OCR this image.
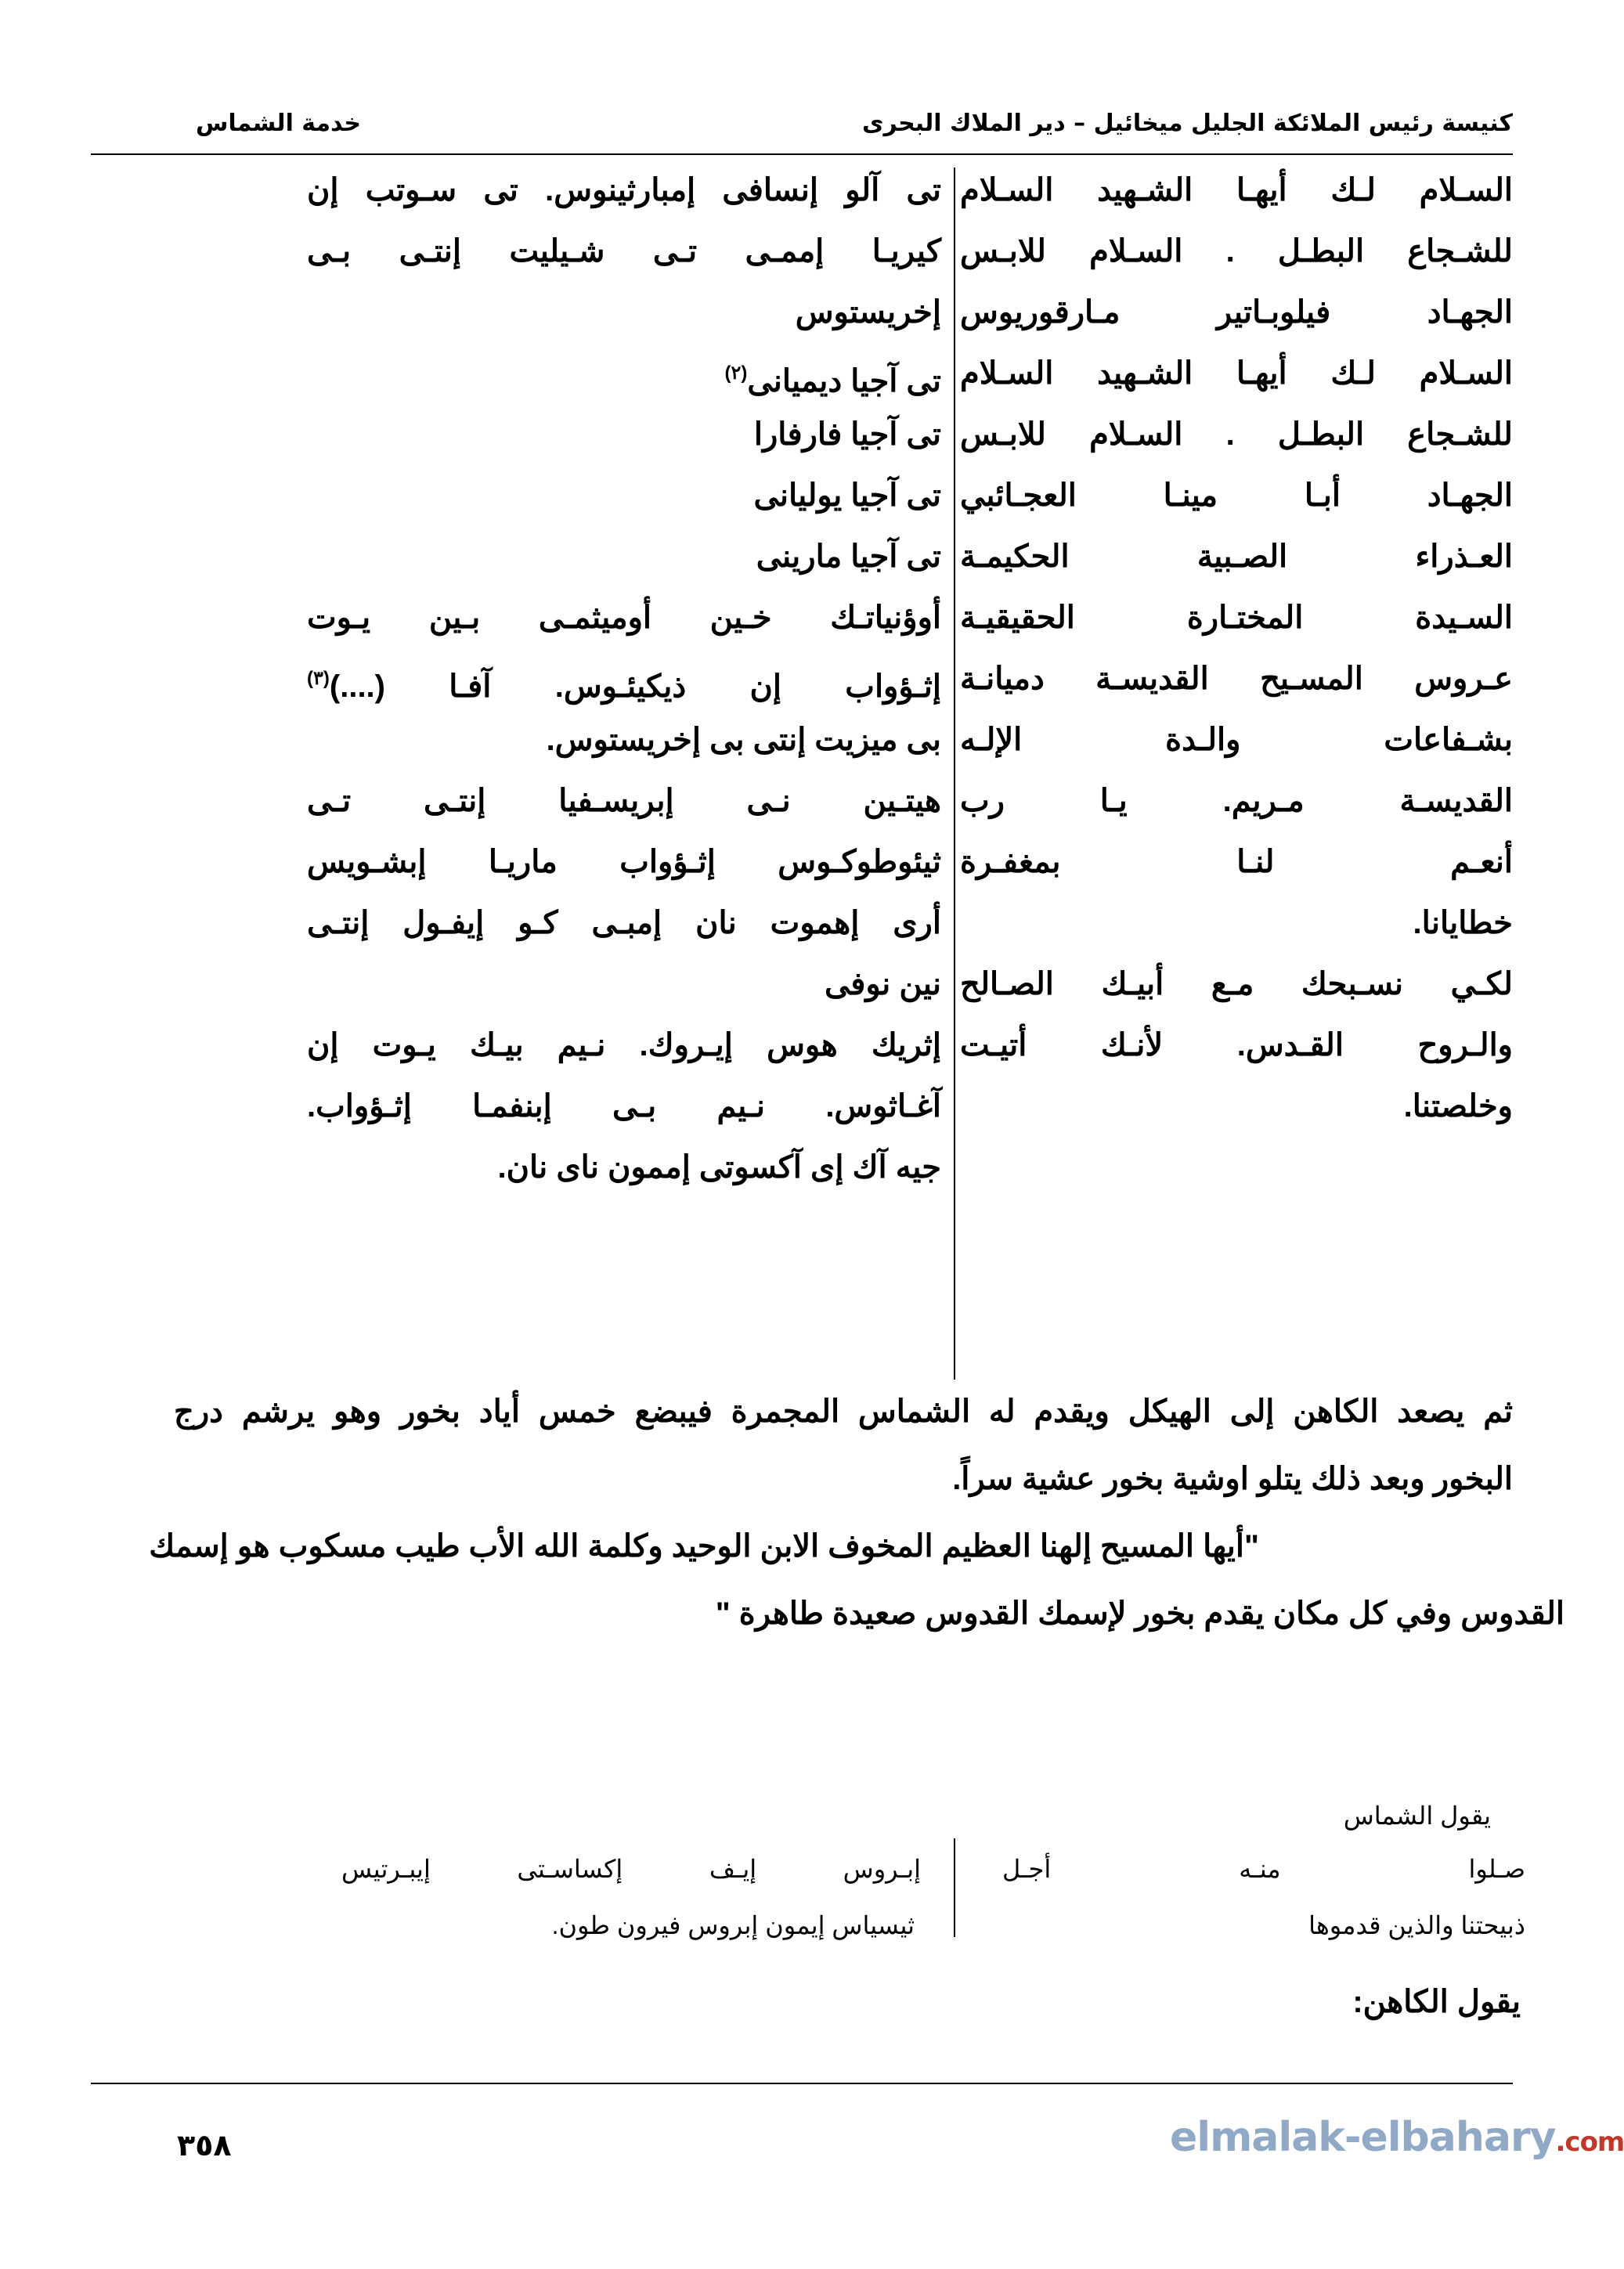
كنيسة رئيس الملائكة الجليل ميخائيل – دير الملاك البحرى
خدمة الشماس
السـلام لـك أيهـا الشـهيد السـلام
للشـجاع البطـل . السـلام للابـس
الجهـاد فيلوبـاتير مـارقوريوس
السـلام لـك أيهـا الشـهيد السـلام
للشـجاع البطـل . السـلام للابـس
الجهـاد أبـا مينـا العجـائبي
العـذراء الصـبية الحكيمـة
السـيدة المختـارة الحقيقيـة
عـروس المسـيح القديسـة دميانـة
بشـفاعات والـدة الإلـه
القديسـة مـريم. يـا رب
أنعـم لنـا بمغفـرة
خطايانا.
لكـي نسـبحك مـع أبيـك الصـالح
والـروح القـدس. لأنـك أتيـت
وخلصتنا.
تى آلو إنسافى إمبارثينوس. تى سـوتب إن
كيريـا إممـى تـى شـيليت إنتـى بـى
إخريستوس
تى آجيا ديميانى$^{(٢)}$
تى آجيا فارفارا
تى آجيا يوليانى
تى آجيا مارينى
أوؤنياتـك خـين أوميثمـى بـين يـوت
إثـؤواب إن ذيكيئـوس. آفـا (....)$^{(٣)}$
بى ميزيت إنتى بى إخريستوس.
هيتـين نـى إبريسـفيا إنتـى تـى
ثيئوطوكـوس إثـؤواب ماريـا إبشـويس
أرى إهموت نان إمبـى كـو إيفـول إنتـى
نين نوفى
إثريك هوس إيـروك. نـيم بيـك يـوت إن
آغـاثوس. نـيم بـى إبنفمـا إثـؤواب.
جيه آك إى آكسوتى إممون ناى نان.
ثم يصعد الكاهن إلى الهيكل ويقدم له الشماس المجمرة فيبضع خمس أياد بخور وهو يرشم درج
البخور وبعد ذلك يتلو اوشية بخور عشية سراً.
"أيها المسيح إلهنا العظيم المخوف الابن الوحيد وكلمة الله الأب طيب مسكوب هو إسمك
القدوس وفي كل مكان يقدم بخور لإسمك القدوس صعيدة طاهرة "
يقول الشماس
صـلوا منـه أجـل
ذبيحتنا والذين قدموها
إبـروس إيـف إكساسـتى إيبـرتيس
ثيسياس إيمون إبروس فيرون طون.
يقول الكاهن:
٣٥٨	elmalak-elbahary.com
